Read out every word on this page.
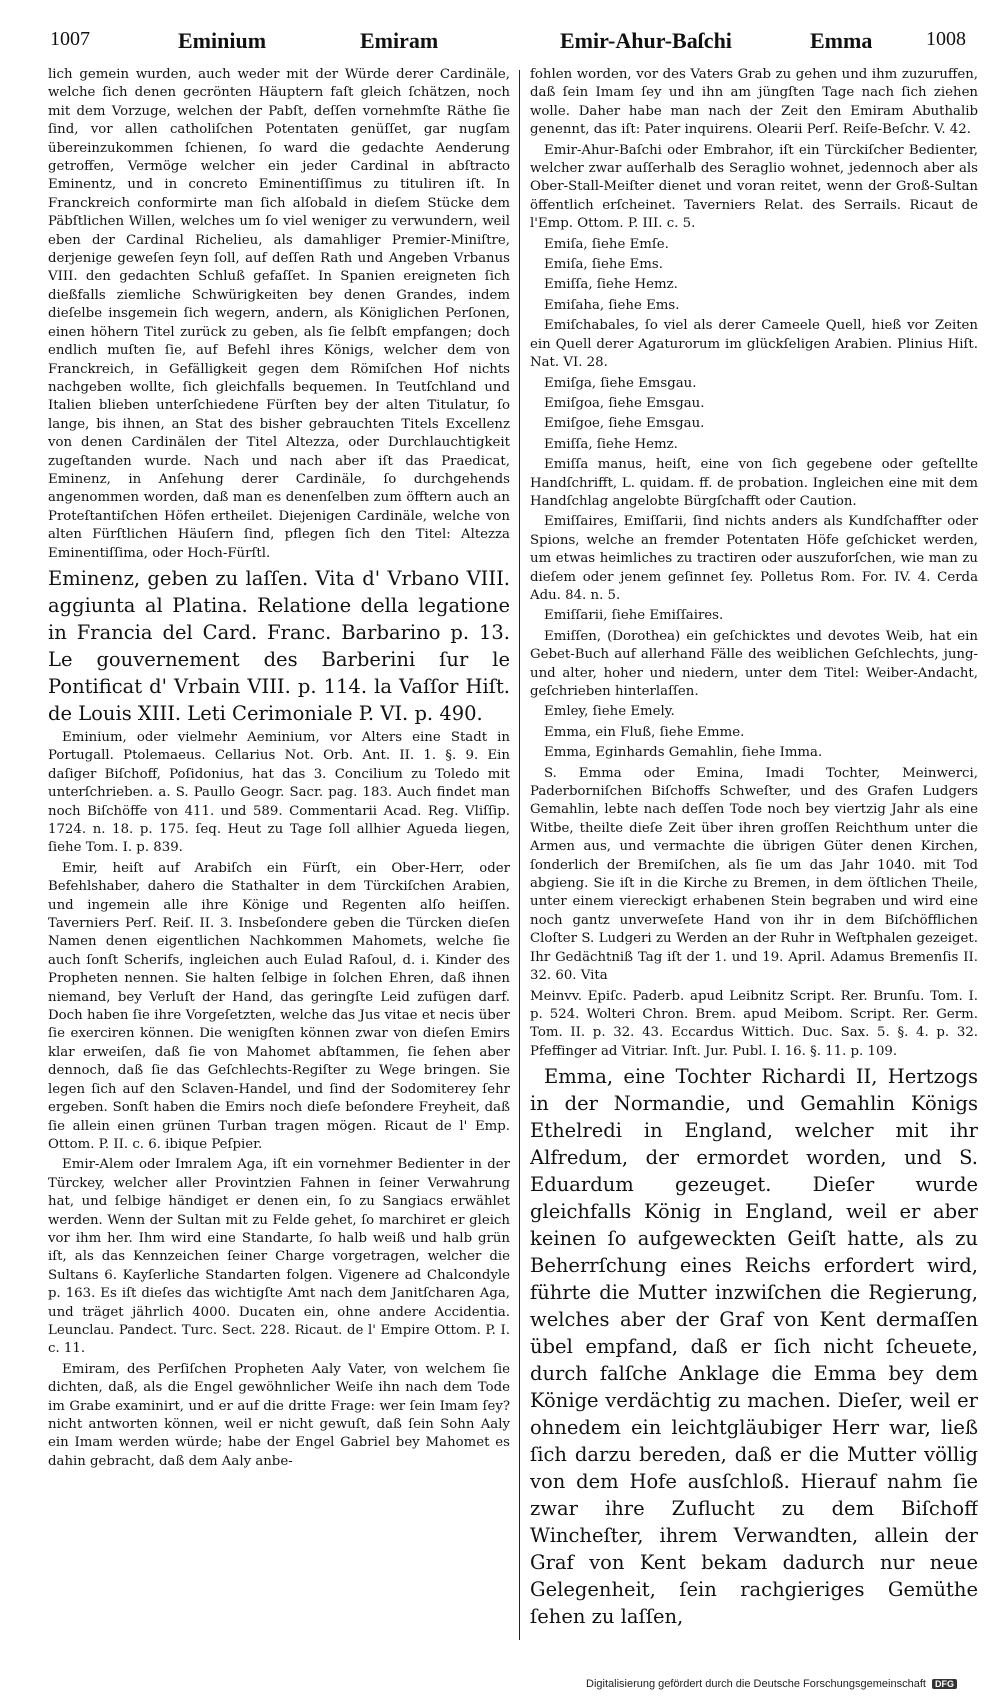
1007	Eminium	Emiram	Emir-Ahur-Baſchi	Emma	1008

lich gemein wurden, auch weder mit der Würde derer Cardinäle, welche ſich denen gecrönten Häuptern faſt gleich ſchätzen, noch mit dem Vorzuge, welchen der Pabſt, deſſen vornehmſte Räthe ſie ſind, vor allen catholiſchen Potentaten genüſſet, gar nugſam übereinzukommen ſchienen, ſo ward die gedachte Aenderung getroffen, Vermöge welcher ein jeder Cardinal in abſtracto Eminentz, und in concreto Eminentiſſimus zu tituliren iſt. In Franckreich conformirte man ſich alſobald in dieſem Stücke dem Päbſtlichen Willen, welches um ſo viel weniger zu verwundern, weil eben der Cardinal Richelieu, als damahliger Premier-Miniſtre, derjenige geweſen ſeyn ſoll, auf deſſen Rath und Angeben Vrbanus VIII. den gedachten Schluß gefaſſet. In Spanien ereigneten ſich dießfalls ziemliche Schwürigkeiten bey denen Grandes, indem dieſelbe insgemein ſich wegern, andern, als Königlichen Perſonen, einen höhern Titel zurück zu geben, als ſie ſelbſt empfangen; doch endlich muſten ſie, auf Befehl ihres Königs, welcher dem von Franckreich, in Gefälligkeit gegen dem Römiſchen Hof nichts nachgeben wollte, ſich gleichfalls bequemen. In Teutſchland und Italien blieben unterſchiedene Fürſten bey der alten Titulatur, ſo lange, bis ihnen, an Stat des bisher gebrauchten Titels Excellenz von denen Cardinälen der Titel Altezza, oder Durchlauchtigkeit zugeſtanden wurde. Nach und nach aber iſt das Praedicat, Eminenz, in Anſehung derer Cardinäle, ſo durchgehends angenommen worden, daß man es denenſelben zum öfftern auch an Proteſtantiſchen Höfen ertheilet. Diejenigen Cardinäle, welche von alten Fürſtlichen Häuſern ſind, pflegen ſich den Titel: Altezza Eminentiſſima, oder Hoch-Fürſtl.

Eminenz, geben zu laſſen. Vita d' Vrbano VIII. aggiunta al Platina. Relatione della legatione in Francia del Card. Franc. Barbarino p. 13. Le gouvernement des Barberini ſur le Pontificat d' Vrbain VIII. p. 114. la Vaſſor Hiſt. de Louis XIII. Leti Cerimoniale P. VI. p. 490.

Eminium, oder vielmehr Aeminium, vor Alters eine Stadt in Portugall. Ptolemaeus. Cellarius Not. Orb. Ant. II. 1. §. 9. Ein daſiger Biſchoff, Poſidonius, hat das 3. Concilium zu Toledo mit unterſchrieben. a. S. Paullo Geogr. Sacr. pag. 183. Auch findet man noch Biſchöffe von 411. und 589. Commentarii Acad. Reg. Vliſſip. 1724. n. 18. p. 175. ſeq. Heut zu Tage ſoll allhier Agueda liegen, ſiehe Tom. I. p. 839.

Emir, heiſt auf Arabiſch ein Fürſt, ein Ober-Herr, oder Befehlshaber, dahero die Stathalter in dem Türckiſchen Arabien, und ingemein alle ihre Könige und Regenten alſo heiſſen. Taverniers Perſ. Reiſ. II. 3. Insbeſondere geben die Türcken dieſen Namen denen eigentlichen Nachkommen Mahomets, welche ſie auch ſonſt Scherifs, ingleichen auch Eulad Raſoul, d. i. Kinder des Propheten nennen. Sie halten ſelbige in ſolchen Ehren, daß ihnen niemand, bey Verluſt der Hand, das geringſte Leid zufügen darf. Doch haben ſie ihre Vorgeſetzten, welche das Jus vitae et necis über ſie exerciren können. Die wenigſten können zwar von dieſen Emirs klar erweiſen, daß ſie von Mahomet abſtammen, ſie ſehen aber dennoch, daß ſie das Geſchlechts-Regiſter zu Wege bringen. Sie legen ſich auf den Sclaven-Handel, und ſind der Sodomiterey ſehr ergeben. Sonſt haben die Emirs noch dieſe beſondere Freyheit, daß ſie allein einen grünen Turban tragen mögen. Ricaut de l' Emp. Ottom. P. II. c. 6. ibique Peſpier.

Emir-Alem oder Imralem Aga, iſt ein vornehmer Bedienter in der Türckey, welcher aller Provintzien Fahnen in ſeiner Verwahrung hat, und ſelbige händiget er denen ein, ſo zu Sangiacs erwählet werden. Wenn der Sultan mit zu Felde gehet, ſo marchiret er gleich vor ihm her. Ihm wird eine Standarte, ſo halb weiß und halb grün iſt, als das Kennzeichen ſeiner Charge vorgetragen, welcher die Sultans 6. Kayſerliche Standarten folgen. Vigenere ad Chalcondyle p. 163. Es iſt dieſes das wichtigſte Amt nach dem Janitſcharen Aga, und träget jährlich 4000. Ducaten ein, ohne andere Accidentia. Leunclau. Pandect. Turc. Sect. 228. Ricaut. de l' Empire Ottom. P. I. c. 11.

Emiram, des Perſiſchen Propheten Aaly Vater, von welchem ſie dichten, daß, als die Engel gewöhnlicher Weiſe ihn nach dem Tode im Grabe examinirt, und er auf die dritte Frage: wer ſein Imam ſey? nicht antworten können, weil er nicht gewuſt, daß ſein Sohn Aaly ein Imam werden würde; habe der Engel Gabriel bey Mahomet es dahin gebracht, daß dem Aaly anbe-

fohlen worden, vor des Vaters Grab zu gehen und ihm zuzuruffen, daß ſein Imam ſey und ihn am jüngſten Tage nach ſich ziehen wolle. Daher habe man nach der Zeit den Emiram Abuthalib genennt, das iſt: Pater inquirens. Olearii Perſ. Reiſe-Beſchr. V. 42.

Emir-Ahur-Baſchi oder Embrahor, iſt ein Türckiſcher Bedienter, welcher zwar auſſerhalb des Seraglio wohnet, jedennoch aber als Ober-Stall-Meiſter dienet und voran reitet, wenn der Groß-Sultan öffentlich erſcheinet. Taverniers Relat. des Serrails. Ricaut de l'Emp. Ottom. P. III. c. 5.

Emiſa, ſiehe Emſe.

Emiſa, ſiehe Ems.

Emiſſa, ſiehe Hemz.

Emiſaha, ſiehe Ems.

Emiſchabales, ſo viel als derer Cameele Quell, hieß vor Zeiten ein Quell derer Agaturorum im glückſeligen Arabien. Plinius Hiſt. Nat. VI. 28.

Emiſga, ſiehe Emsgau.

Emiſgoa, ſiehe Emsgau.

Emiſgoe, ſiehe Emsgau.

Emiſſa, ſiehe Hemz.

Emiſſa manus, heiſt, eine von ſich gegebene oder geſtellte Handſchrifft, L. quidam. ff. de probation. Ingleichen eine mit dem Handſchlag angelobte Bürgſchafft oder Caution.

Emiſſaires, Emiſſarii, ſind nichts anders als Kundſchaffter oder Spions, welche an fremder Potentaten Höfe geſchicket werden, um etwas heimliches zu tractiren oder auszuforſchen, wie man zu dieſem oder jenem geſinnet ſey. Polletus Rom. For. IV. 4. Cerda Adu. 84. n. 5.

Emiſſarii, ſiehe Emiſſaires.

Emiſſen, (Dorothea) ein geſchicktes und devotes Weib, hat ein Gebet-Buch auf allerhand Fälle des weiblichen Geſchlechts, jung- und alter, hoher und niedern, unter dem Titel: Weiber-Andacht, geſchrieben hinterlaſſen.

Emley, ſiehe Emely.

Emma, ein Fluß, ſiehe Emme.

Emma, Eginhards Gemahlin, ſiehe Imma.

S. Emma oder Emina, Imadi Tochter, Meinwerci, Paderborniſchen Biſchoffs Schweſter, und des Grafen Ludgers Gemahlin, lebte nach deſſen Tode noch bey viertzig Jahr als eine Witbe, theilte dieſe Zeit über ihren groſſen Reichthum unter die Armen aus, und vermachte die übrigen Güter denen Kirchen, ſonderlich der Bremiſchen, als ſie um das Jahr 1040. mit Tod abgieng. Sie iſt in die Kirche zu Bremen, in dem öſtlichen Theile, unter einem viereckigt erhabenen Stein begraben und wird eine noch gantz unverweſete Hand von ihr in dem Biſchöfflichen Cloſter S. Ludgeri zu Werden an der Ruhr in Weſtphalen gezeiget. Ihr Gedächtniß Tag iſt der 1. und 19. April. Adamus Bremenſis II. 32. 60. Vita

Meinvv. Epiſc. Paderb. apud Leibnitz Script. Rer. Brunſu. Tom. I. p. 524. Wolteri Chron. Brem. apud Meibom. Script. Rer. Germ. Tom. II. p. 32. 43. Eccardus Wittich. Duc. Sax. 5. §. 4. p. 32. Pfeffinger ad Vitriar. Inſt. Jur. Publ. I. 16. §. 11. p. 109.

Emma, eine Tochter Richardi II, Hertzogs in der Normandie, und Gemahlin Königs Ethelredi in England, welcher mit ihr Alfredum, der ermordet worden, und S. Eduardum gezeuget. Dieſer wurde gleichfalls König in England, weil er aber keinen ſo aufgeweckten Geiſt hatte, als zu Beherrſchung eines Reichs erfordert wird, führte die Mutter inzwiſchen die Regierung, welches aber der Graf von Kent dermaſſen übel empfand, daß er ſich nicht ſcheuete, durch falſche Anklage die Emma bey dem Könige verdächtig zu machen. Dieſer, weil er ohnedem ein leichtgläubiger Herr war, ließ ſich darzu bereden, daß er die Mutter völlig von dem Hofe ausſchloß. Hierauf nahm ſie zwar ihre Zuflucht zu dem Biſchoff Wincheſter, ihrem Verwandten, allein der Graf von Kent bekam dadurch nur neue Gelegenheit, ſein rachgieriges Gemüthe ſehen zu laſſen,

Digitalisierung gefördert durch die Deutsche Forschungsgemeinschaft DFG
